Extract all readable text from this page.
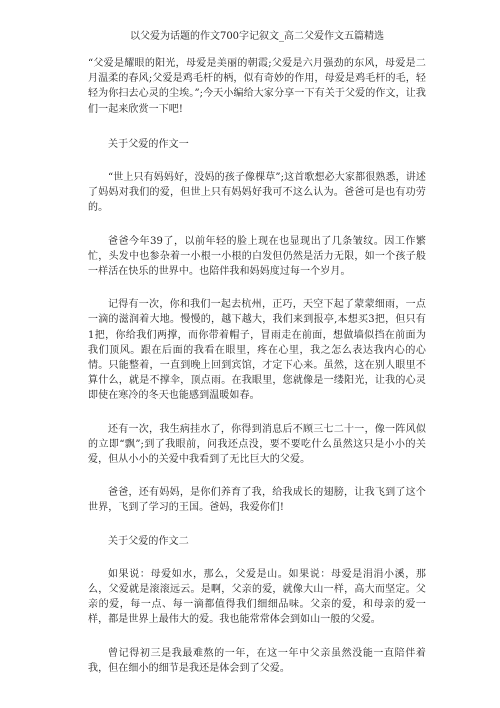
以父爱为话题的作文700字记叙文_高二父爱作文五篇精选

“父爱是耀眼的阳光，母爱是美丽的朝霞;父爱是六月强劲的东风，母爱是二月温柔的春风;父爱是鸡毛杆的柄，似有奇妙的作用，母爱是鸡毛杆的毛，轻轻为你扫去心灵的尘埃。”;今天小编给大家分享一下有关于父爱的作文，让我们一起来欣赏一下吧!

关于父爱的作文一

“世上只有妈妈好，没妈的孩子像棵草”;这首歌想必大家都很熟悉，讲述了妈妈对我们的爱，但世上只有妈妈好我可不这么认为。爸爸可是也有功劳的。

爸爸今年39了，以前年轻的脸上现在也显现出了几条皱纹。因工作繁忙，头发中也参杂着一小根一小根的白发但仍然是活力无限，如一个孩子般一样活在快乐的世界中。也陪伴我和妈妈度过每一个岁月。

记得有一次，你和我们一起去杭州，正巧，天空下起了蒙蒙细雨，一点一滴的滋润着大地。慢慢的，越下越大，我们来到报亭,本想买3把，但只有1把，你给我们两撑，而你带着帽子，冒雨走在前面，想做墙似挡在前面为我们顶风。跟在后面的我看在眼里，疼在心里，我之怎么表达我内心的心情。只能整着，一直到晚上回到宾馆，才定下心来。虽然，这在别人眼里不算什么，就是不撑伞，顶点雨。在我眼里，您就像是一缕阳光，让我的心灵即使在寒冷的冬天也能感到温暖如春。

还有一次，我生病挂水了，你得到消息后不顾三七二十一，像一阵风似的立即“飘”;到了我眼前，问我还点没，要不要吃什么虽然这只是小小的关爱，但从小小的关爱中我看到了无比巨大的父爱。

爸爸，还有妈妈，是你们养育了我，给我成长的翅膀，让我飞到了这个世界，飞到了学习的王国。爸妈，我爱你们!

关于父爱的作文二

如果说：母爱如水，那么，父爱是山。如果说：母爱是涓涓小溪，那么，父爱就是滚滚远云。是啊，父亲的爱，就像大山一样，高大而坚定。父亲的爱，每一点、每一滴都值得我们细细品味。父亲的爱，和母亲的爱一样，都是世界上最伟大的爱。我也能常常体会到如山一般的父爱。

曾记得初三是我最难熬的一年，在这一年中父亲虽然没能一直陪伴着我，但在细小的细节是我还是体会到了父爱。
